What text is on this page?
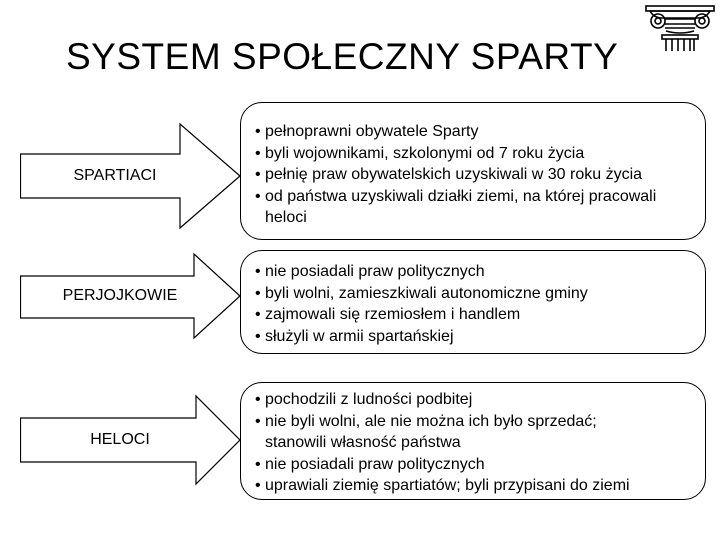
SYSTEM SPOŁECZNY SPARTY
SPARTIACI
• pełnoprawni obywatele Sparty
• byli wojownikami, szkolonymi od 7 roku życia
• pełnię praw obywatelskich uzyskiwali w 30 roku życia
• od państwa uzyskiwali działki ziemi, na której pracowali
heloci
PERJOJKOWIE
• nie posiadali praw politycznych
• byli wolni, zamieszkiwali autonomiczne gminy
• zajmowali się rzemiosłem i handlem
• służyli w armii spartańskiej
HELOCI
• pochodzili z ludności podbitej
• nie byli wolni, ale nie można ich było sprzedać;
stanowili własność państwa
• nie posiadali praw politycznych
• uprawiali ziemię spartiatów; byli przypisani do ziemi
